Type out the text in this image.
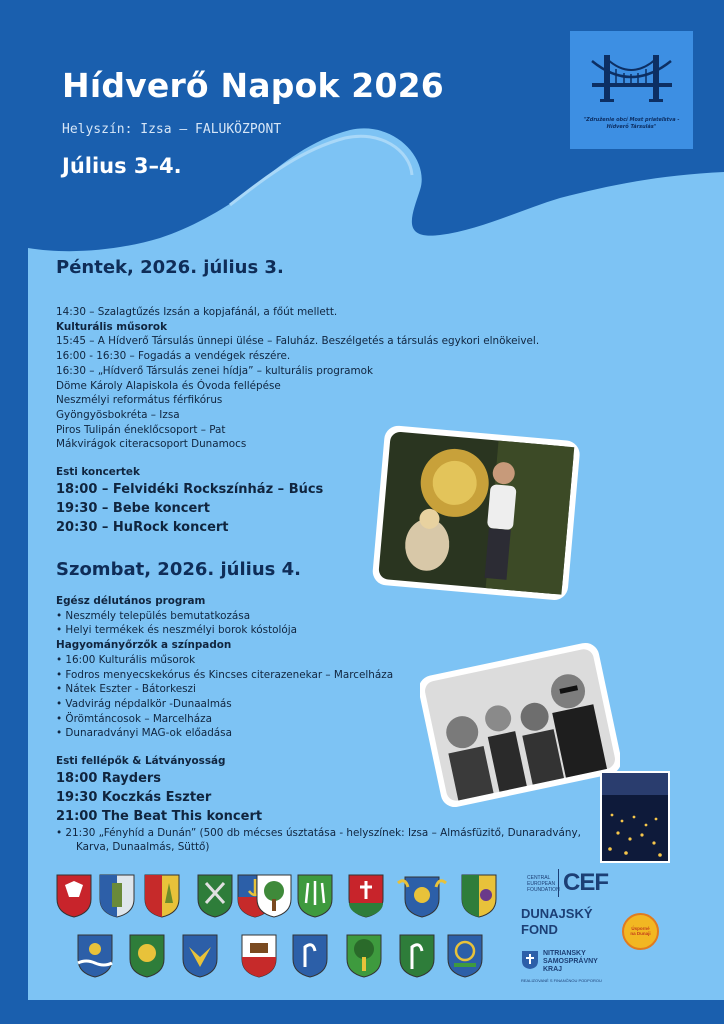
Hídverő Napok 2026
Helyszín: Izsa – FALUKÖZPONT
Július 3–4.
"Združenie obcí Most priateľstva - Hídverő Társulás"
Péntek, 2026. július 3.
14:30 – Szalagtűzés Izsán a kopjafánál, a főút mellett.
Kulturális műsorok
15:45 – A Hídverő Társulás ünnepi ülése – Faluház. Beszélgetés a társulás egykori elnökeivel.
16:00 - 16:30 – Fogadás a vendégek részére.
16:30 – „Hídverő Társulás zenei hídja” – kulturális programok
Döme Károly Alapiskola és Óvoda fellépése
Neszmélyi református férfikórus
Gyöngyösbokréta – Izsa
Piros Tulipán éneklőcsoport – Pat
Mákvirágok citeracsoport Dunamocs
Esti koncertek
18:00 – Felvidéki Rockszínház – Búcs
19:30 – Bebe koncert
20:30 – HuRock koncert
Szombat, 2026. július 4.
Egész délutános program
• Neszmély település bemutatkozása
• Helyi termékek és neszmélyi borok kóstolója
Hagyományőrzők a színpadon
• 16:00 Kulturális műsorok
• Fodros menyecskekórus és Kincses citerazenekar – Marcelháza
• Nátek Eszter - Bátorkeszi
• Vadvirág népdalkör -Dunaalmás
• Örömtáncosok – Marcelháza
• Dunaradványi MAG-ok előadása
Esti fellépők & Látványosság
18:00 Rayders
19:30 Koczkás Eszter
21:00 The Beat This koncert
• 21:30 „Fényhíd a Dunán” (500 db mécses úsztatása - helyszínek: Izsa – Almásfüzitő, Dunaradvány,
Karva, Dunaalmás, Süttő)
CENTRAL
EUROPEAN
FOUNDATION CEF
DUNAJSKÝ
FOND
NITRIANSKY
SAMOSPRÁVNY
KRAJ
REALIZOVANÉ S FINANČNOU PODPOROU
Úsporné
na Dunaji
